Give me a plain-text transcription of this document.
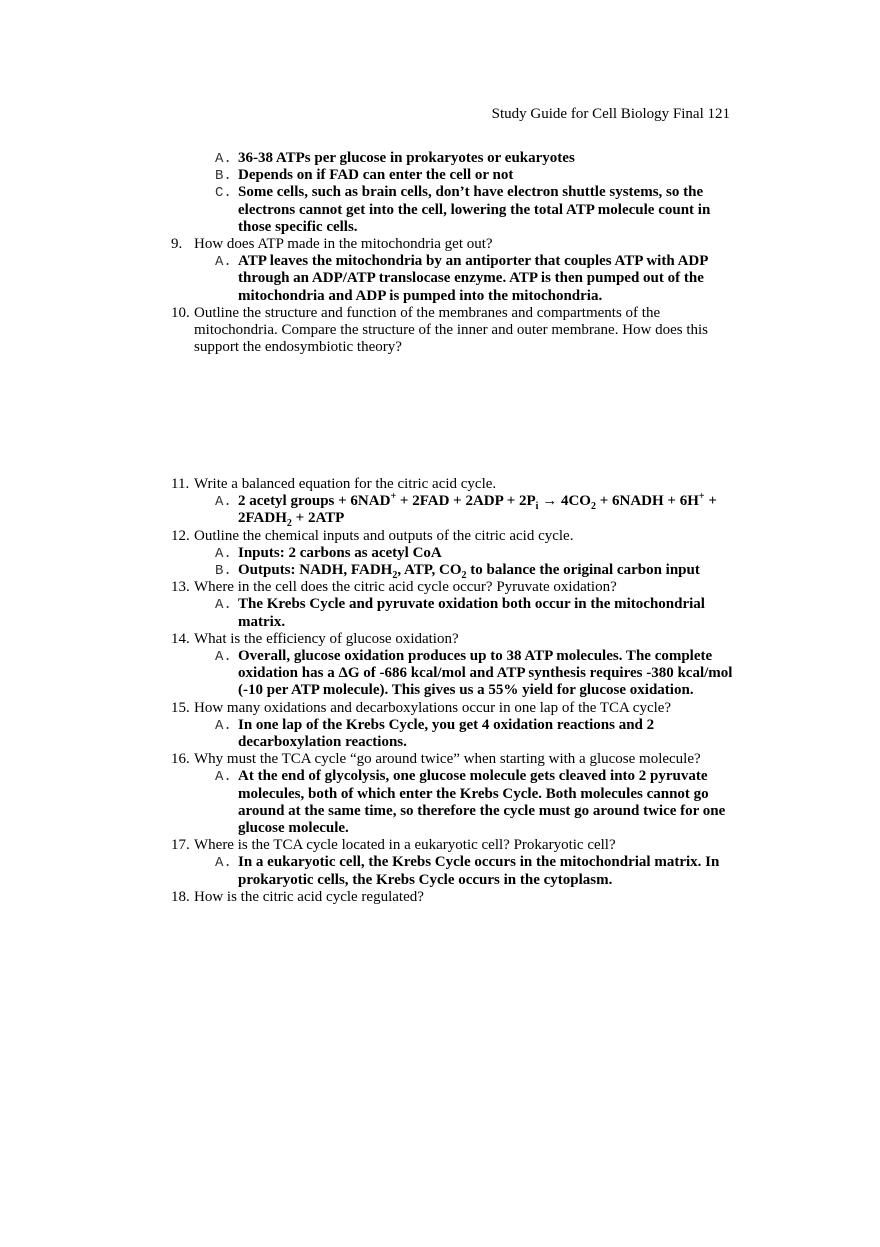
Study Guide for Cell Biology Final 121
A. 36-38 ATPs per glucose in prokaryotes or eukaryotes
B. Depends on if FAD can enter the cell or not
C. Some cells, such as brain cells, don’t have electron shuttle systems, so the electrons cannot get into the cell, lowering the total ATP molecule count in those specific cells.
9. How does ATP made in the mitochondria get out?
A. ATP leaves the mitochondria by an antiporter that couples ATP with ADP through an ADP/ATP translocase enzyme. ATP is then pumped out of the mitochondria and ADP is pumped into the mitochondria.
10. Outline the structure and function of the membranes and compartments of the mitochondria. Compare the structure of the inner and outer membrane. How does this support the endosymbiotic theory?
11. Write a balanced equation for the citric acid cycle.
A. 2 acetyl groups + $6NAD^+ + 2FAD + 2ADP + 2P_i \to 4CO_2$ + 6NADH + $6H^+ + 2FADH_2 + 2ATP$
12. Outline the chemical inputs and outputs of the citric acid cycle.
A. Inputs: 2 carbons as acetyl CoA
B. Outputs: NADH, $FADH_2$, ATP, $CO_2$ to balance the original carbon input
13. Where in the cell does the citric acid cycle occur? Pyruvate oxidation?
A. The Krebs Cycle and pyruvate oxidation both occur in the mitochondrial matrix.
14. What is the efficiency of glucose oxidation?
A. Overall, glucose oxidation produces up to 38 ATP molecules. The complete oxidation has a ΔG of -686 kcal/mol and ATP synthesis requires -380 kcal/mol (-10 per ATP molecule). This gives us a 55% yield for glucose oxidation.
15. How many oxidations and decarboxylations occur in one lap of the TCA cycle?
A. In one lap of the Krebs Cycle, you get 4 oxidation reactions and 2 decarboxylation reactions.
16. Why must the TCA cycle “go around twice” when starting with a glucose molecule?
A. At the end of glycolysis, one glucose molecule gets cleaved into 2 pyruvate molecules, both of which enter the Krebs Cycle. Both molecules cannot go around at the same time, so therefore the cycle must go around twice for one glucose molecule.
17. Where is the TCA cycle located in a eukaryotic cell? Prokaryotic cell?
A. In a eukaryotic cell, the Krebs Cycle occurs in the mitochondrial matrix. In prokaryotic cells, the Krebs Cycle occurs in the cytoplasm.
18. How is the citric acid cycle regulated?
